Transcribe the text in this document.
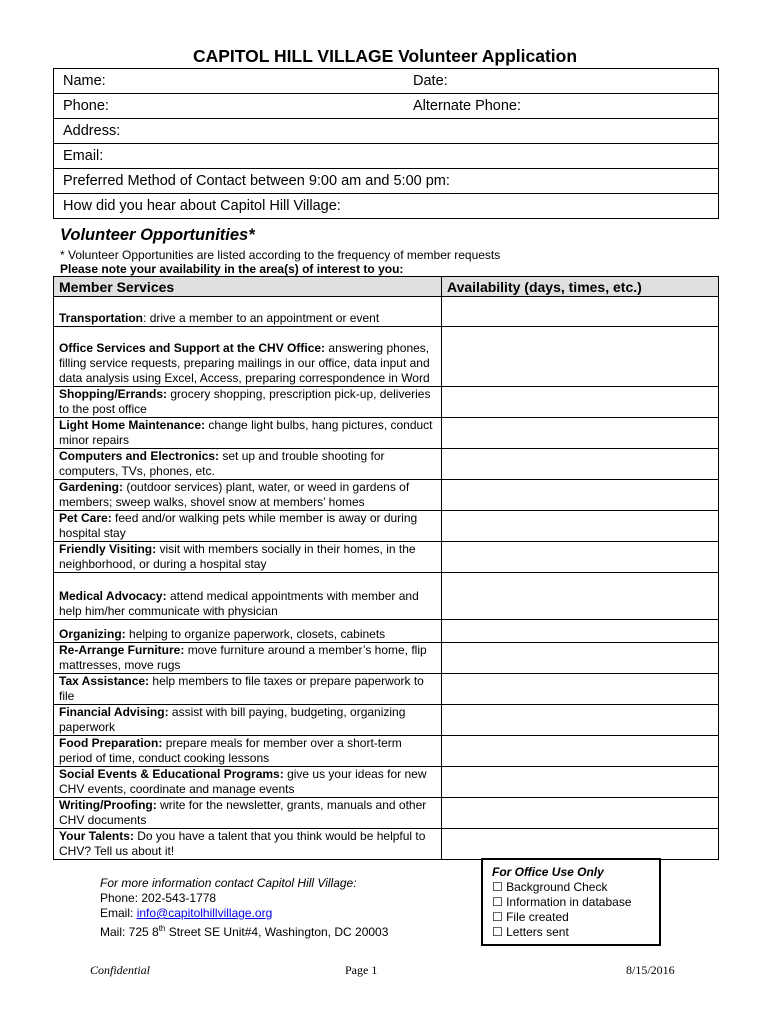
CAPITOL HILL VILLAGE Volunteer Application
Name:	Date:

Phone:	Alternate Phone:

Address:
Email:
Preferred Method of Contact between 9:00 am and 5:00 pm:
How did you hear about Capitol Hill Village:
Volunteer Opportunities*
* Volunteer Opportunities are listed according to the frequency of member requests
Please note your availability in the area(s) of interest to you:
Member Services	Availability (days, times, etc.)
Transportation: drive a member to an appointment or event	
Office Services and Support at the CHV Office: answering phones, filling service requests, preparing mailings in our office, data input and data analysis using Excel, Access, preparing correspondence in Word	
Shopping/Errands: grocery shopping, prescription pick-up, deliveries to the post office	
Light Home Maintenance: change light bulbs, hang pictures, conduct minor repairs	
Computers and Electronics: set up and trouble shooting for computers, TVs, phones, etc.	
Gardening: (outdoor services) plant, water, or weed in gardens of members; sweep walks, shovel snow at members’ homes	
Pet Care: feed and/or walking pets while member is away or during hospital stay	
Friendly Visiting: visit with members socially in their homes, in the neighborhood, or during a hospital stay	
Medical Advocacy: attend medical appointments with member and help him/her communicate with physician	
Organizing: helping to organize paperwork, closets, cabinets	
Re-Arrange Furniture: move furniture around a member’s home, flip mattresses, move rugs	
Tax Assistance: help members to file taxes or prepare paperwork to file	
Financial Advising: assist with bill paying, budgeting, organizing paperwork	
Food Preparation: prepare meals for member over a short-term period of time, conduct cooking lessons	
Social Events & Educational Programs: give us your ideas for new CHV events, coordinate and manage events	
Writing/Proofing: write for the newsletter, grants, manuals and other CHV documents	
Your Talents: Do you have a talent that you think would be helpful to CHV? Tell us about it!	
For more information contact Capitol Hill Village:
Phone: 202-543-1778
Email: info@capitolhillvillage.org
Mail: 725 8th Street SE Unit#4, Washington, DC 20003
For Office Use Only
☐ Background Check
☐ Information in database
☐ File created
☐ Letters sent
Confidential	Page 1	8/15/2016
